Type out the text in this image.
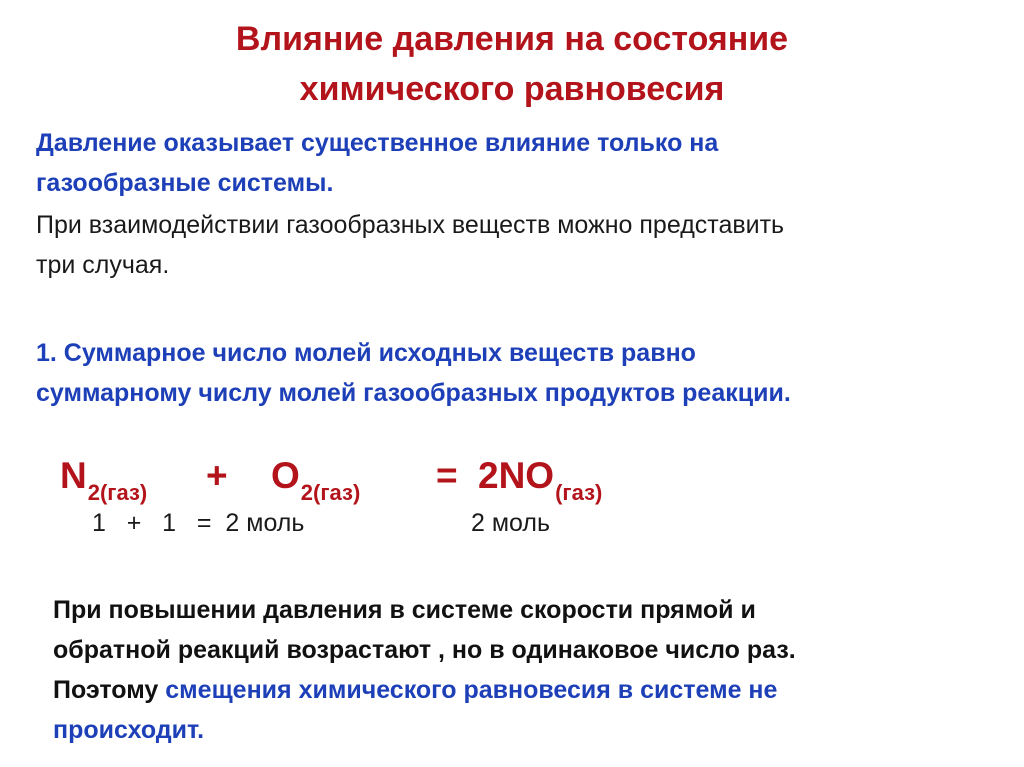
Влияние давления на состояние
химического равновесия
Давление оказывает существенное влияние только на
газообразные системы.
При взаимодействии газообразных веществ можно представить
три случая.
1. Суммарное число молей исходных веществ равно
суммарному числу молей газообразных продуктов реакции.
$N_{2(газ)} + O_{2(газ)} = 2NO_{(газ)}$
1   +   1   =  2 моль	2 моль
При повышении давления в системе скорости прямой и
обратной реакций возрастают , но в одинаковое число раз.
Поэтому смещения химического равновесия в системе не
происходит.
